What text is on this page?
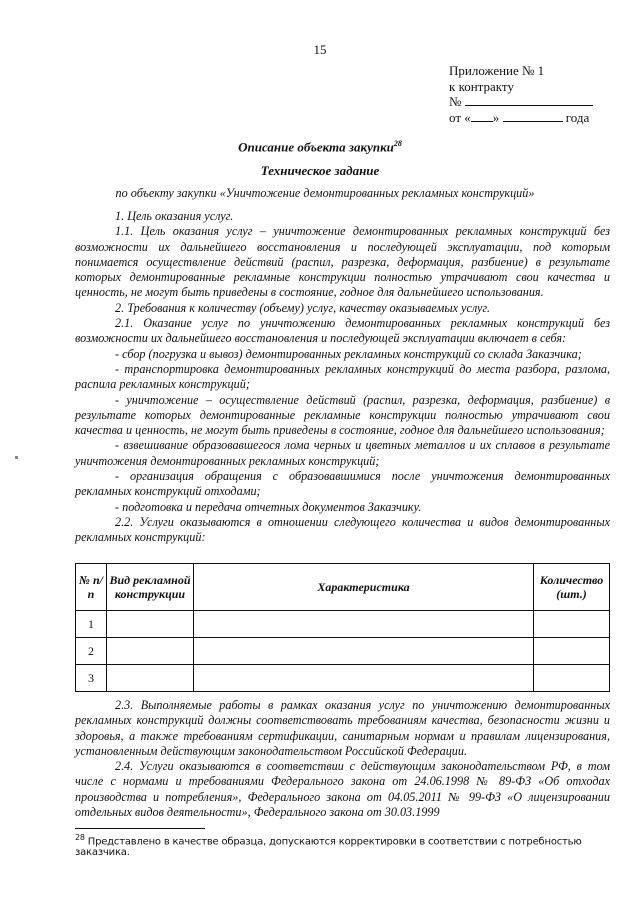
15
Приложение № 1
к контракту
№
от « »	года
Описание объекта закупки$^{28}$
Техническое задание
по объекту закупки «Уничтожение демонтированных рекламных конструкций»

1. Цель оказания услуг.

1.1. Цель оказания услуг – уничтожение демонтированных рекламных конструкций без возможности их дальнейшего восстановления и последующей эксплуатации, под которым понимается осуществление действий (распил, разрезка, деформация, разбиение) в результате которых демонтированные рекламные конструкции полностью утрачивают свои качества и ценность, не могут быть приведены в состояние, годное для дальнейшего использования.

2. Требования к количеству (объему) услуг, качеству оказываемых услуг.

2.1. Оказание услуг по уничтожению демонтированных рекламных конструкций без возможности их дальнейшего восстановления и последующей эксплуатации включает в себя:

- сбор (погрузка и вывоз) демонтированных рекламных конструкций со склада Заказчика;

- транспортировка демонтированных рекламных конструкций до места разбора, разлома, распила рекламных конструкций;

- уничтожение – осуществление действий (распил, разрезка, деформация, разбиение) в результате которых демонтированные рекламные конструкции полностью утрачивают свои качества и ценность, не могут быть приведены в состояние, годное для дальнейшего использования;

- взвешивание образовавшегося лома черных и цветных металлов и их сплавов в результате уничтожения демонтированных рекламных конструкций;

- организация обращения с образовавшимися после уничтожения демонтированных рекламных конструкций отходами;

- подготовка и передача отчетных документов Заказчику.

2.2. Услуги оказываются в отношении следующего количества и видов демонтированных рекламных конструкций:

№ п/п	Вид рекламной конструкции	Характеристика	Количество (шт.)
1			
2			
3			

2.3. Выполняемые работы в рамках оказания услуг по уничтожению демонтированных рекламных конструкций должны соответствовать требованиям качества, безопасности жизни и здоровья, а также требованиям сертификации, санитарным нормам и правилам лицензирования, установленным действующим законодательством Российской Федерации.

2.4. Услуги оказываются в соответствии с действующим законодательством РФ, в том числе с нормами и требованиями Федерального закона от 24.06.1998 № 89-ФЗ «Об отходах производства и потребления», Федерального закона от 04.05.2011 № 99-ФЗ «О лицензировании отдельных видов деятельности», Федерального закона от 30.03.1999

$^{28}$ Представлено в качестве образца, допускаются корректировки в соответствии с потребностью заказчика.
